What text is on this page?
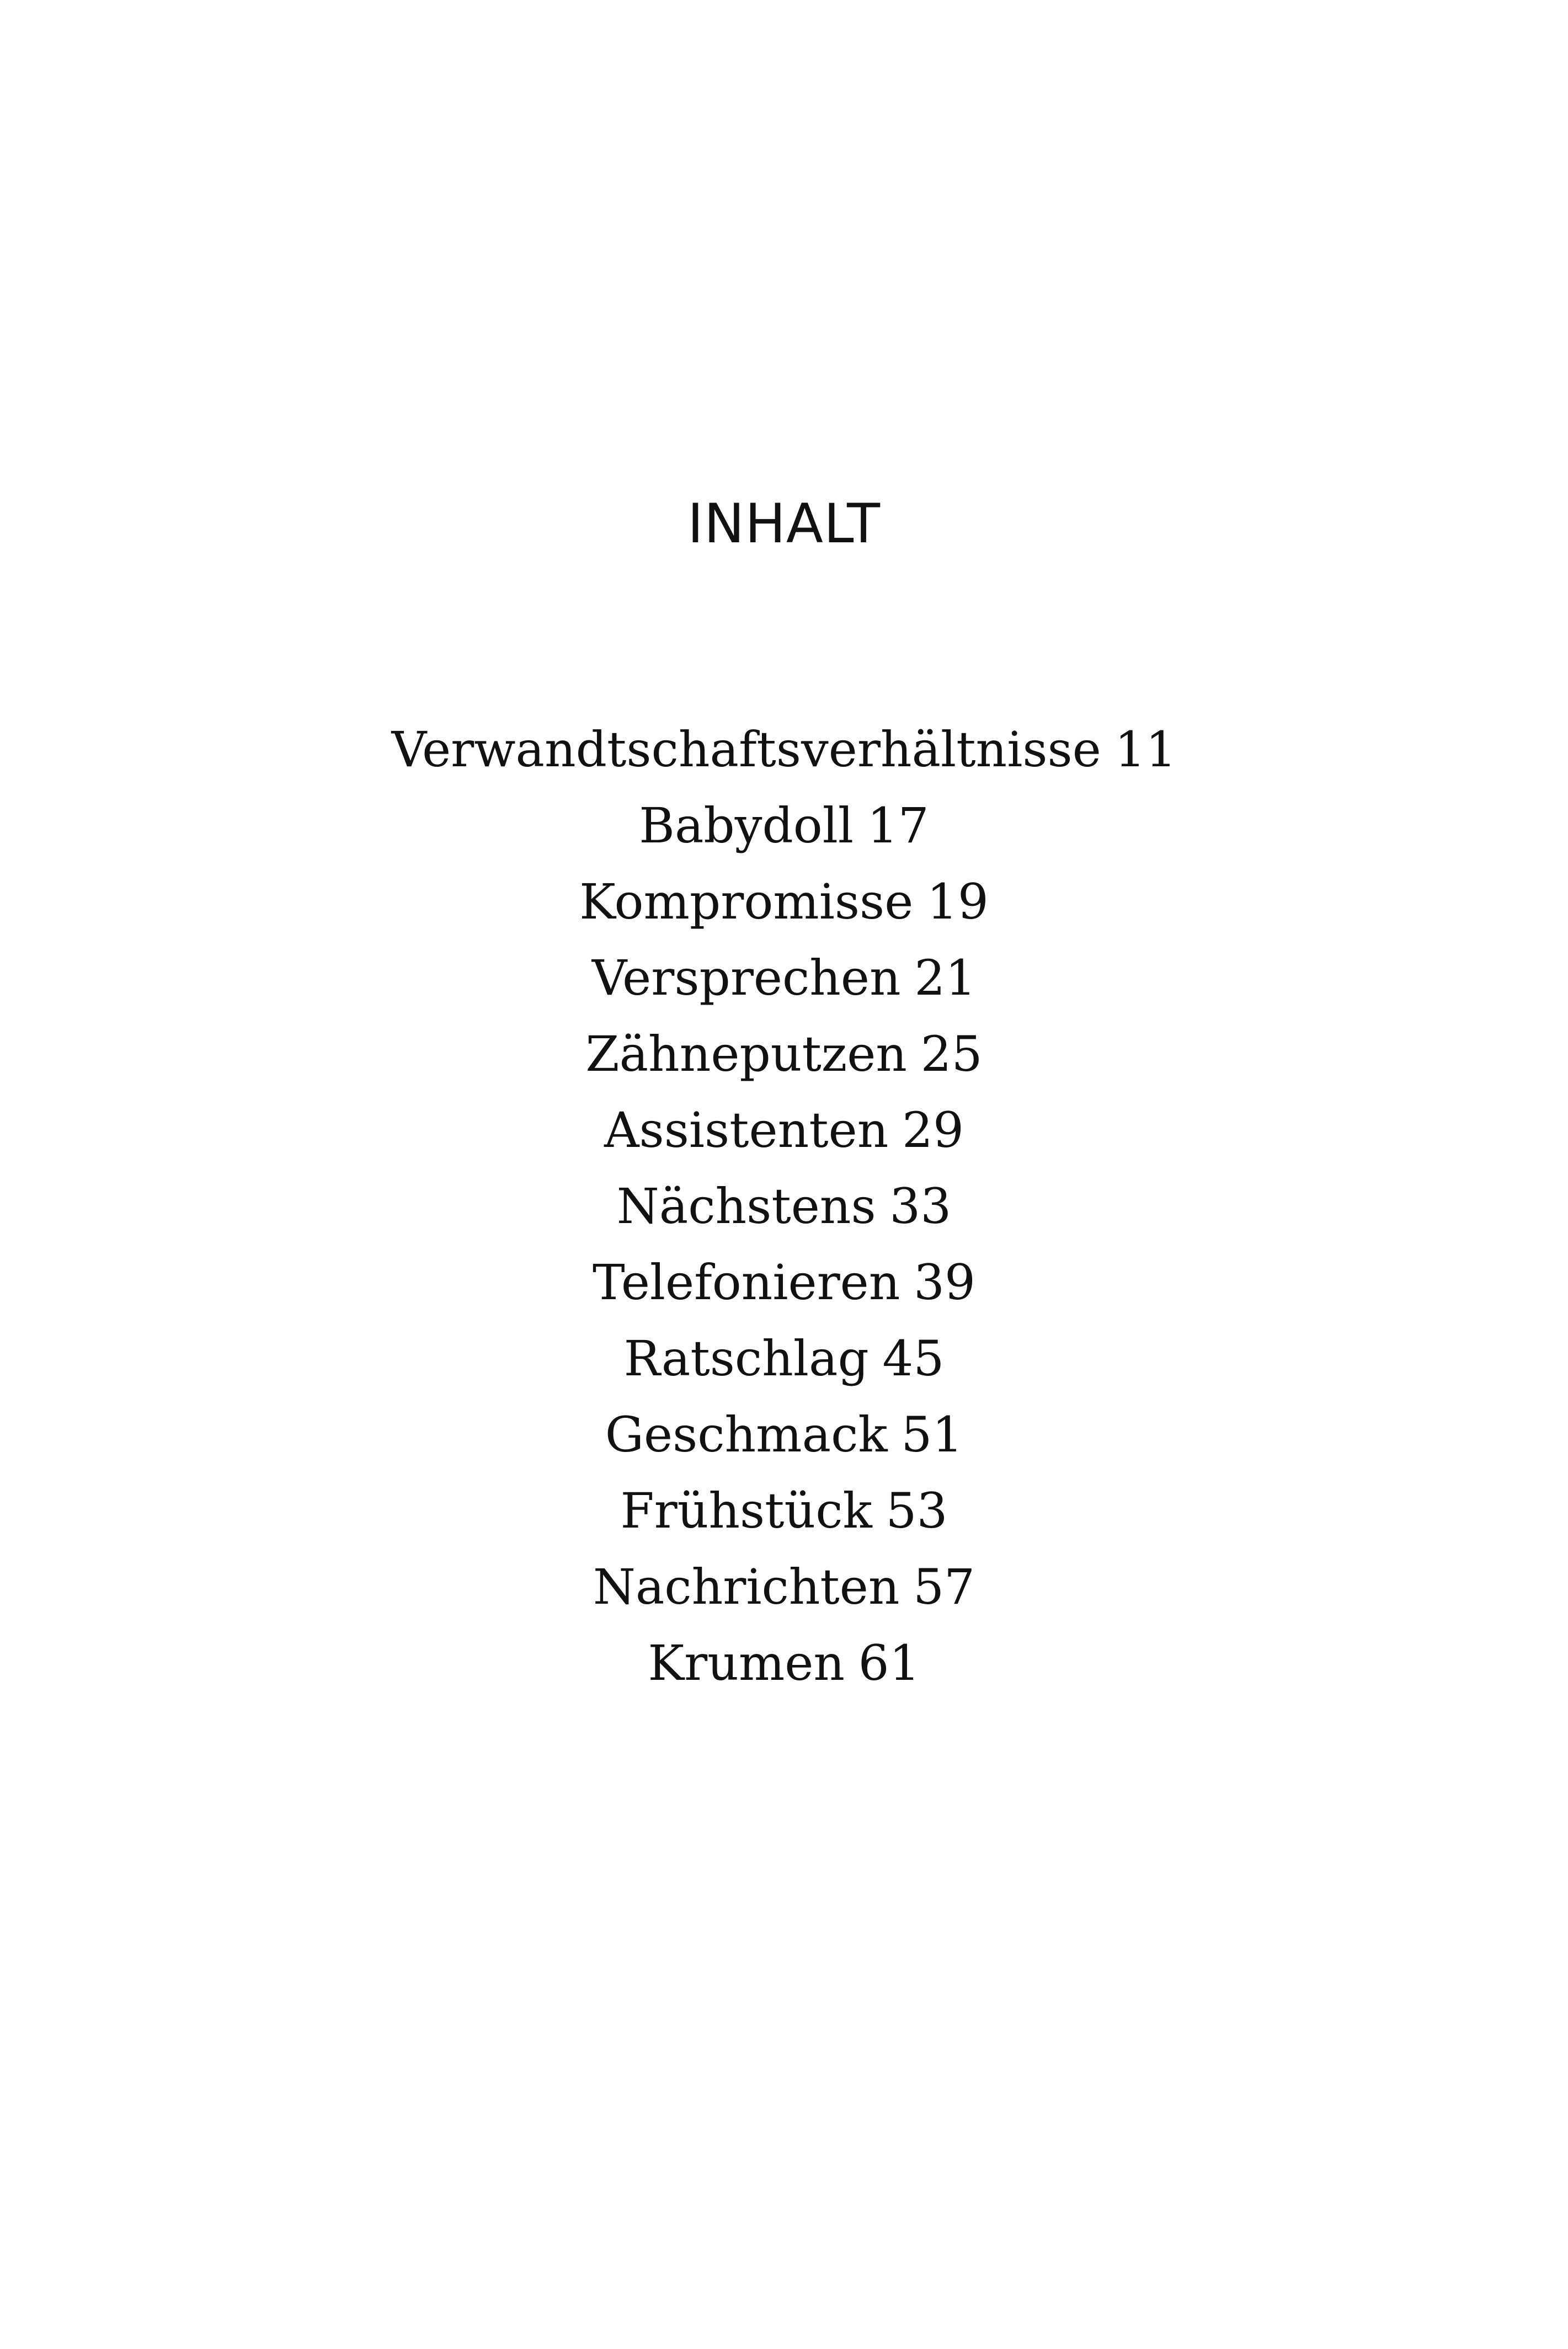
INHALT
Verwandtschaftsverhältnisse 11
Babydoll 17
Kompromisse 19
Versprechen 21
Zähneputzen 25
Assistenten 29
Nächstens 33
Telefonieren 39
Ratschlag 45
Geschmack 51
Frühstück 53
Nachrichten 57
Krumen 61
